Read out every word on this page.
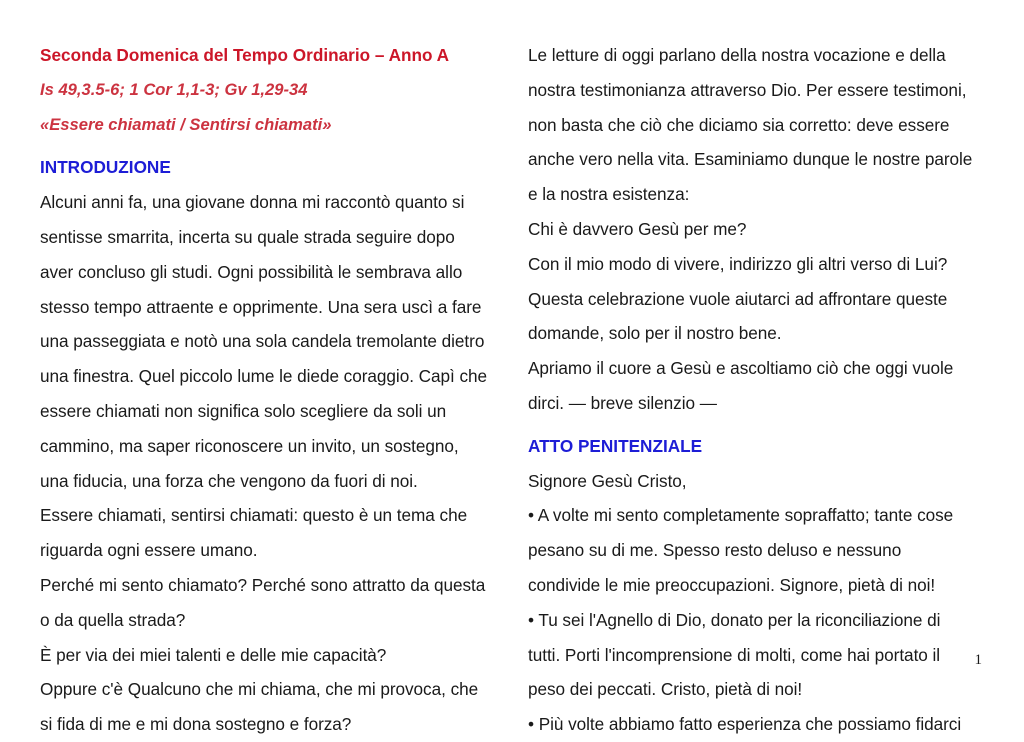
Seconda Domenica del Tempo Ordinario – Anno A
Is 49,3.5-6; 1 Cor 1,1-3; Gv 1,29-34
«Essere chiamati / Sentirsi chiamati»
INTRODUZIONE
Alcuni anni fa, una giovane donna mi raccontò quanto si
sentisse smarrita, incerta su quale strada seguire dopo
aver concluso gli studi. Ogni possibilità le sembrava allo
stesso tempo attraente e opprimente. Una sera uscì a fare
una passeggiata e notò una sola candela tremolante dietro
una finestra. Quel piccolo lume le diede coraggio. Capì che
essere chiamati non significa solo scegliere da soli un
cammino, ma saper riconoscere un invito, un sostegno,
una fiducia, una forza che vengono da fuori di noi.
Essere chiamati, sentirsi chiamati: questo è un tema che
riguarda ogni essere umano.
Perché mi sento chiamato? Perché sono attratto da questa
o da quella strada?
È per via dei miei talenti e delle mie capacità?
Oppure c'è Qualcuno che mi chiama, che mi provoca, che
si fida di me e mi dona sostegno e forza?
Le letture di oggi parlano della nostra vocazione e della
nostra testimonianza attraverso Dio. Per essere testimoni,
non basta che ciò che diciamo sia corretto: deve essere
anche vero nella vita. Esaminiamo dunque le nostre parole
e la nostra esistenza:
Chi è davvero Gesù per me?
Con il mio modo di vivere, indirizzo gli altri verso di Lui?
Questa celebrazione vuole aiutarci ad affrontare queste
domande, solo per il nostro bene.
Apriamo il cuore a Gesù e ascoltiamo ciò che oggi vuole
dirci. — breve silenzio —
ATTO PENITENZIALE
Signore Gesù Cristo,
• A volte mi sento completamente sopraffatto; tante cose
pesano su di me. Spesso resto deluso e nessuno
condivide le mie preoccupazioni. Signore, pietà di noi!
• Tu sei l'Agnello di Dio, donato per la riconciliazione di
tutti. Porti l'incomprensione di molti, come hai portato il
peso dei peccati. Cristo, pietà di noi!
• Più volte abbiamo fatto esperienza che possiamo fidarci
1
